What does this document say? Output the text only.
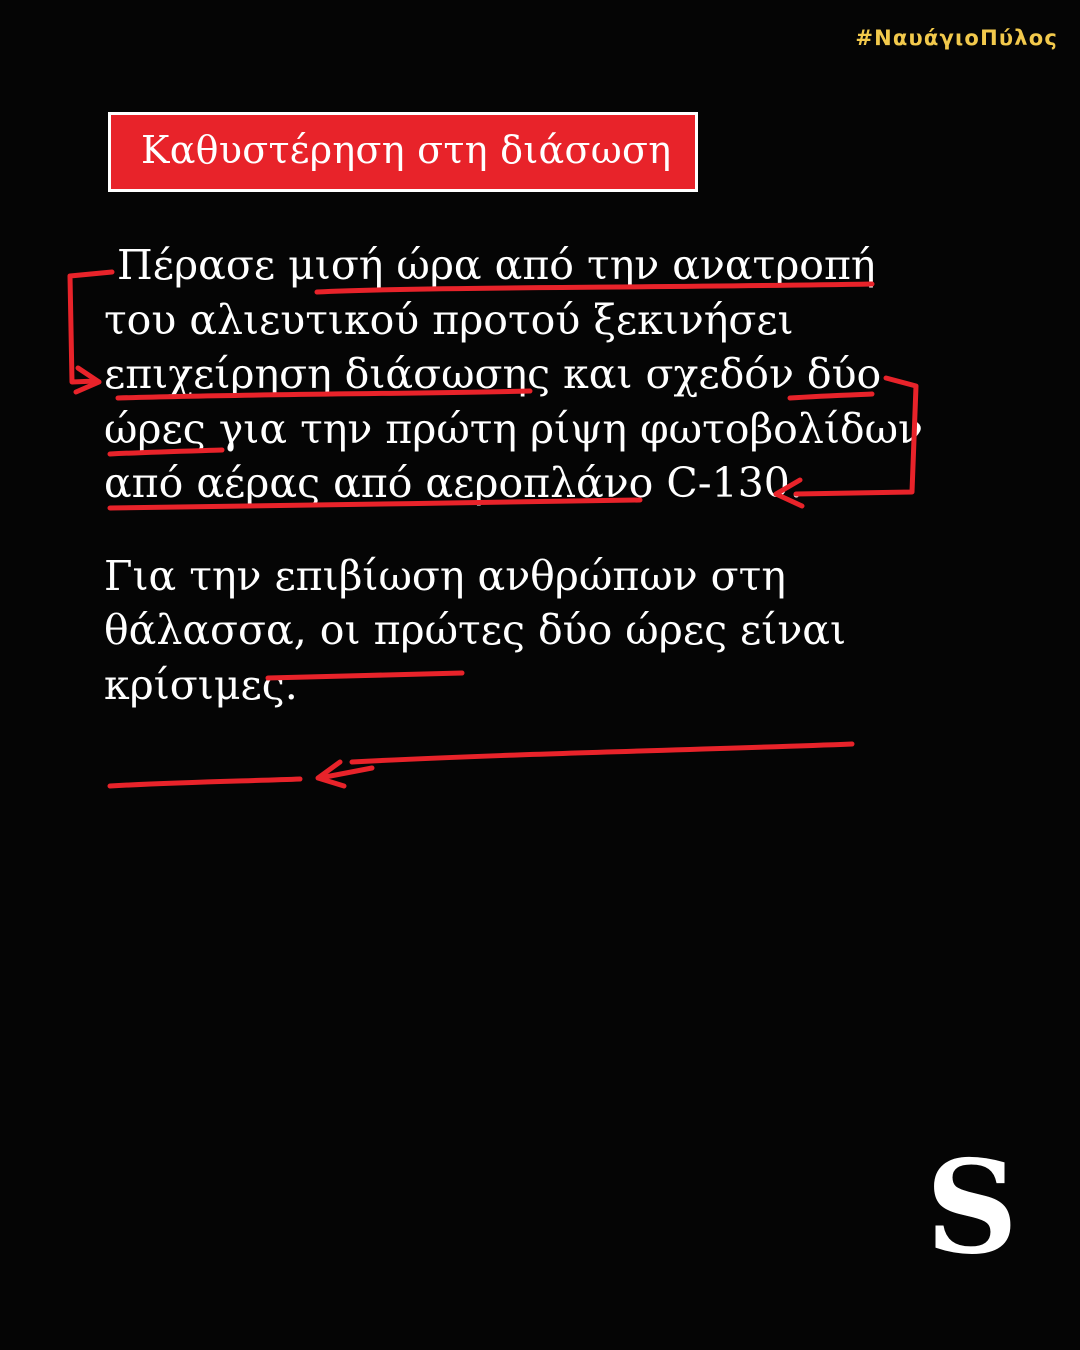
#ΝαυάγιοΠύλος
Καθυστέρηση στη διάσωση

Πέρασε μισή ώρα από την ανατροπή του αλιευτικού προτού ξεκινήσει επιχείρηση διάσωσης και σχεδόν δύο ώρες για την πρώτη ρίψη φωτοβολίδων από αέρας από αεροπλάνο C-130.

Για την επιβίωση ανθρώπων στη θάλασσα, οι πρώτες δύο ώρες είναι κρίσιμες.

S
